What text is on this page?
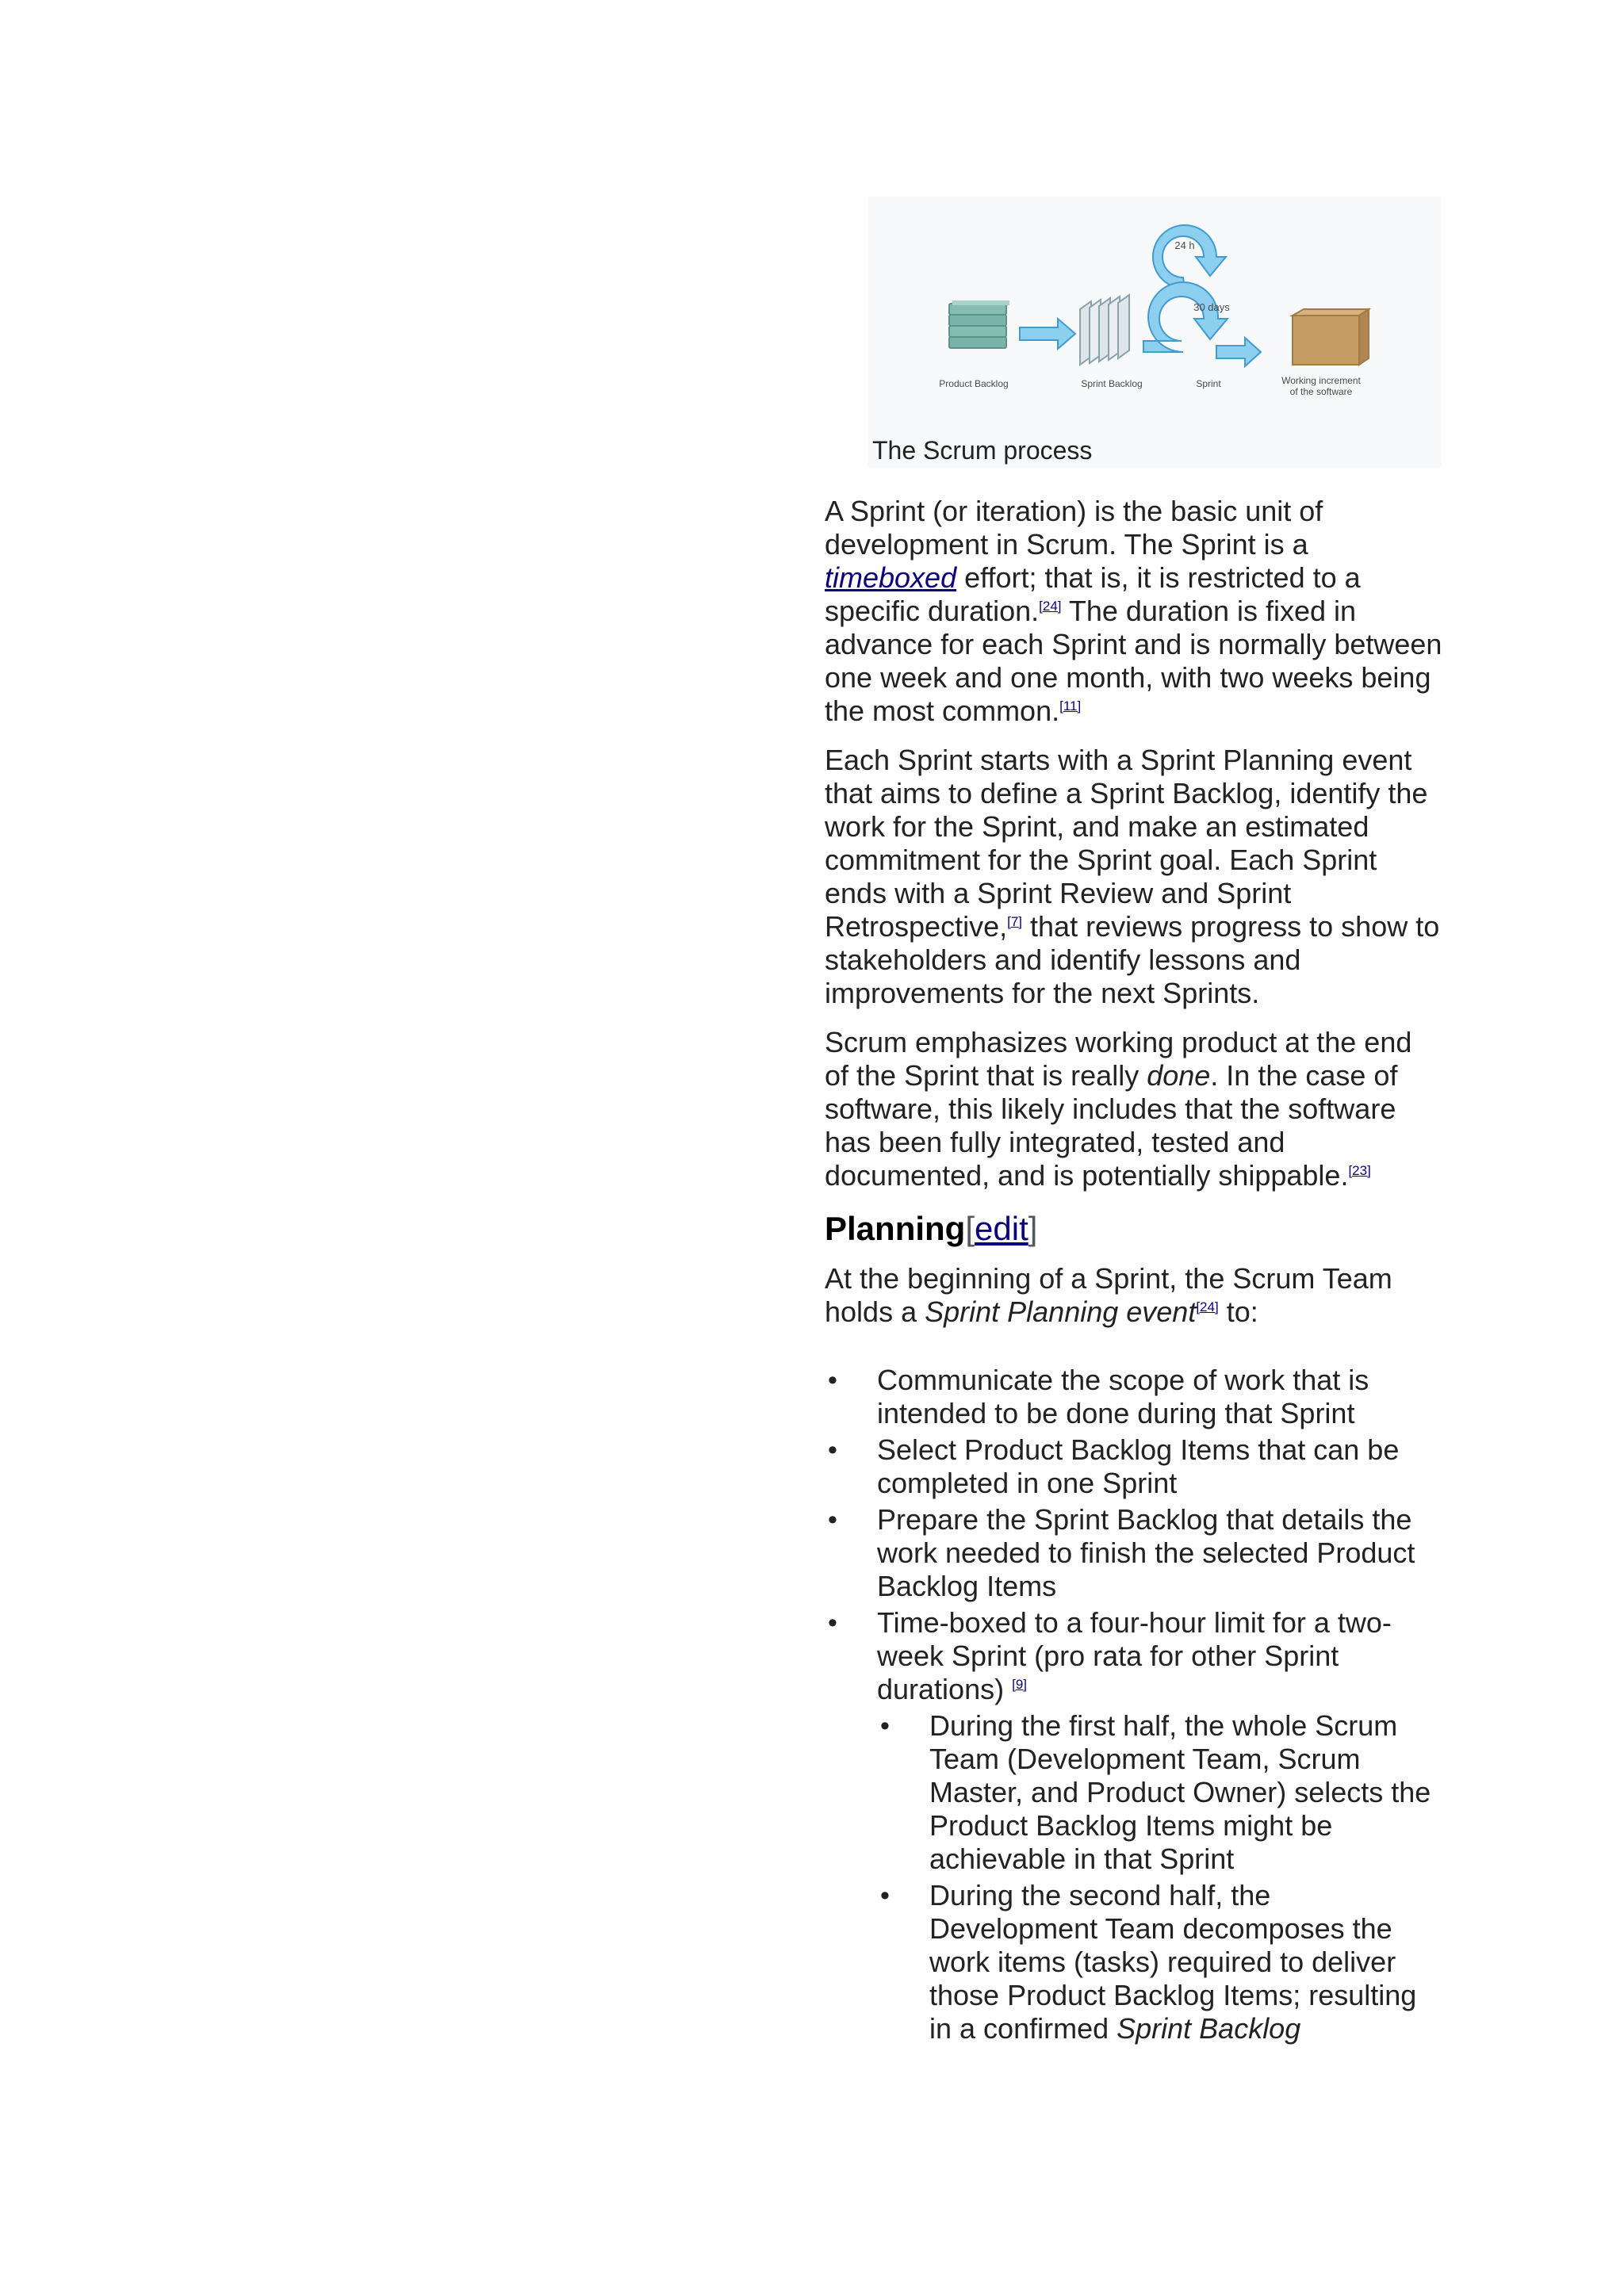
24 h
30 days
Product Backlog	Sprint Backlog	Sprint	Working increment
of the software
The Scrum process

A Sprint (or iteration) is the basic unit of development in Scrum. The Sprint is a timeboxed effort; that is, it is restricted to a specific duration.[24] The duration is fixed in advance for each Sprint and is normally between one week and one month, with two weeks being the most common.[11]

Each Sprint starts with a Sprint Planning event that aims to define a Sprint Backlog, identify the work for the Sprint, and make an estimated commitment for the Sprint goal. Each Sprint ends with a Sprint Review and Sprint Retrospective,[7] that reviews progress to show to stakeholders and identify lessons and improvements for the next Sprints.

Scrum emphasizes working product at the end of the Sprint that is really done. In the case of software, this likely includes that the software has been fully integrated, tested and documented, and is potentially shippable.[23]

Planning[edit]

At the beginning of a Sprint, the Scrum Team holds a Sprint Planning event[24] to:

• Communicate the scope of work that is intended to be done during that Sprint
• Select Product Backlog Items that can be completed in one Sprint
• Prepare the Sprint Backlog that details the work needed to finish the selected Product Backlog Items
• Time-boxed to a four-hour limit for a two-week Sprint (pro rata for other Sprint durations) [9]
• During the first half, the whole Scrum Team (Development Team, Scrum Master, and Product Owner) selects the Product Backlog Items might be achievable in that Sprint
• During the second half, the Development Team decomposes the work items (tasks) required to deliver those Product Backlog Items; resulting in a confirmed Sprint Backlog
